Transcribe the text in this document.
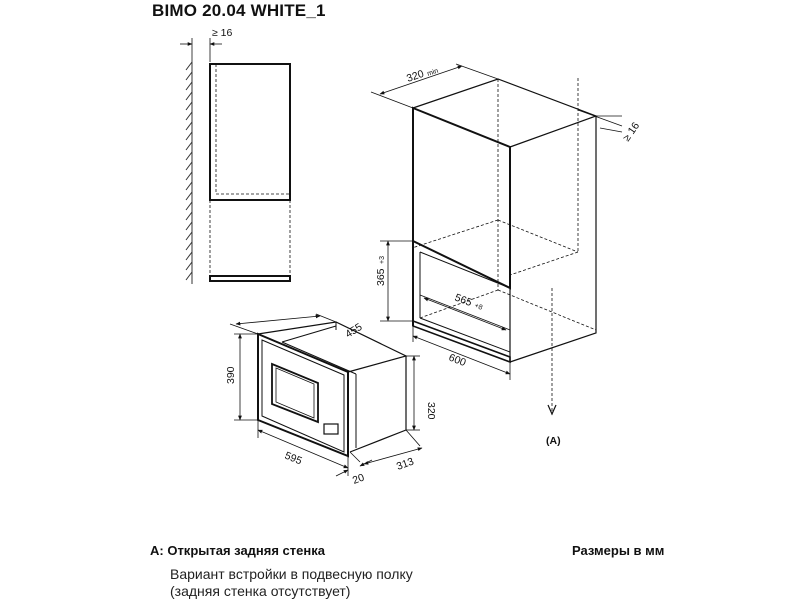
BIMO 20.04 WHITE_1
≥ 16
320 min
≥ 16
365
+3
565 +8
600
(A)
455
390
320
595
20
313
A: Открытая задняя стенка	Размеры в мм
Вариант встройки в подвесную полку
(задняя стенка отсутствует)
